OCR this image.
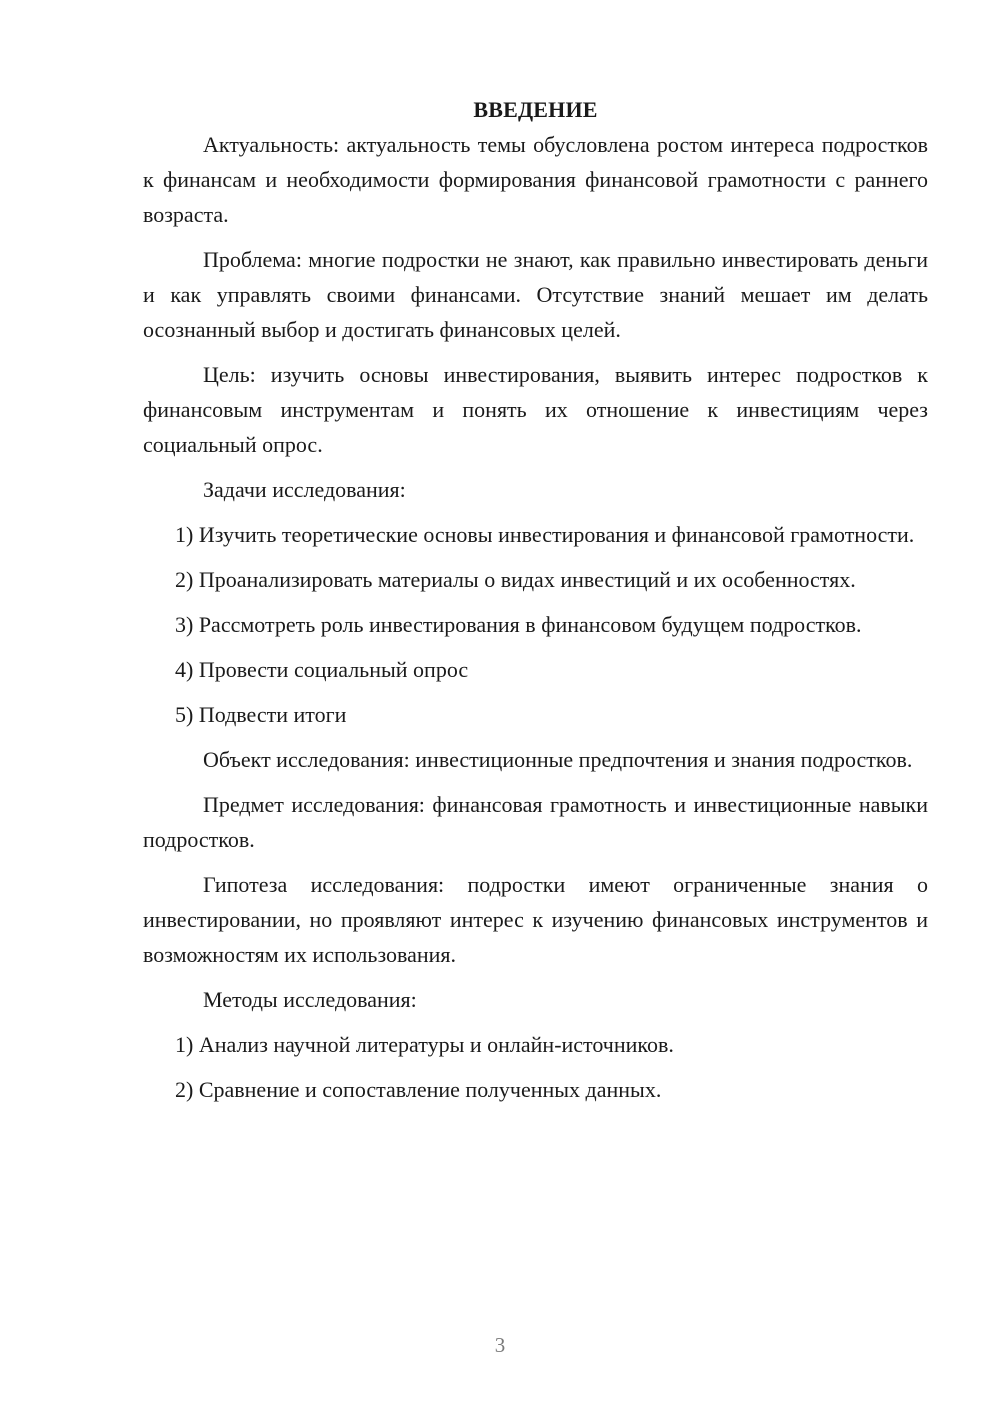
ВВЕДЕНИЕ

Актуальность: актуальность темы обусловлена ростом интереса подростков к финансам и необходимости формирования финансовой грамотности с раннего возраста.

Проблема: многие подростки не знают, как правильно инвестировать деньги и как управлять своими финансами. Отсутствие знаний мешает им делать осознанный выбор и достигать финансовых целей.

Цель: изучить основы инвестирования, выявить интерес подростков к финансовым инструментам и понять их отношение к инвестициям через социальный опрос.

Задачи исследования:

1) Изучить теоретические основы инвестирования и финансовой грамотности.

2) Проанализировать материалы о видах инвестиций и их особенностях.

3) Рассмотреть роль инвестирования в финансовом будущем подростков.

4) Провести социальный опрос

5) Подвести итоги

Объект исследования: инвестиционные предпочтения и знания подростков.

Предмет исследования: финансовая грамотность и инвестиционные навыки подростков.

Гипотеза исследования: подростки имеют ограниченные знания о инвестировании, но проявляют интерес к изучению финансовых инструментов и возможностям их использования.

Методы исследования:

1) Анализ научной литературы и онлайн-источников.

2) Сравнение и сопоставление полученных данных.

3
